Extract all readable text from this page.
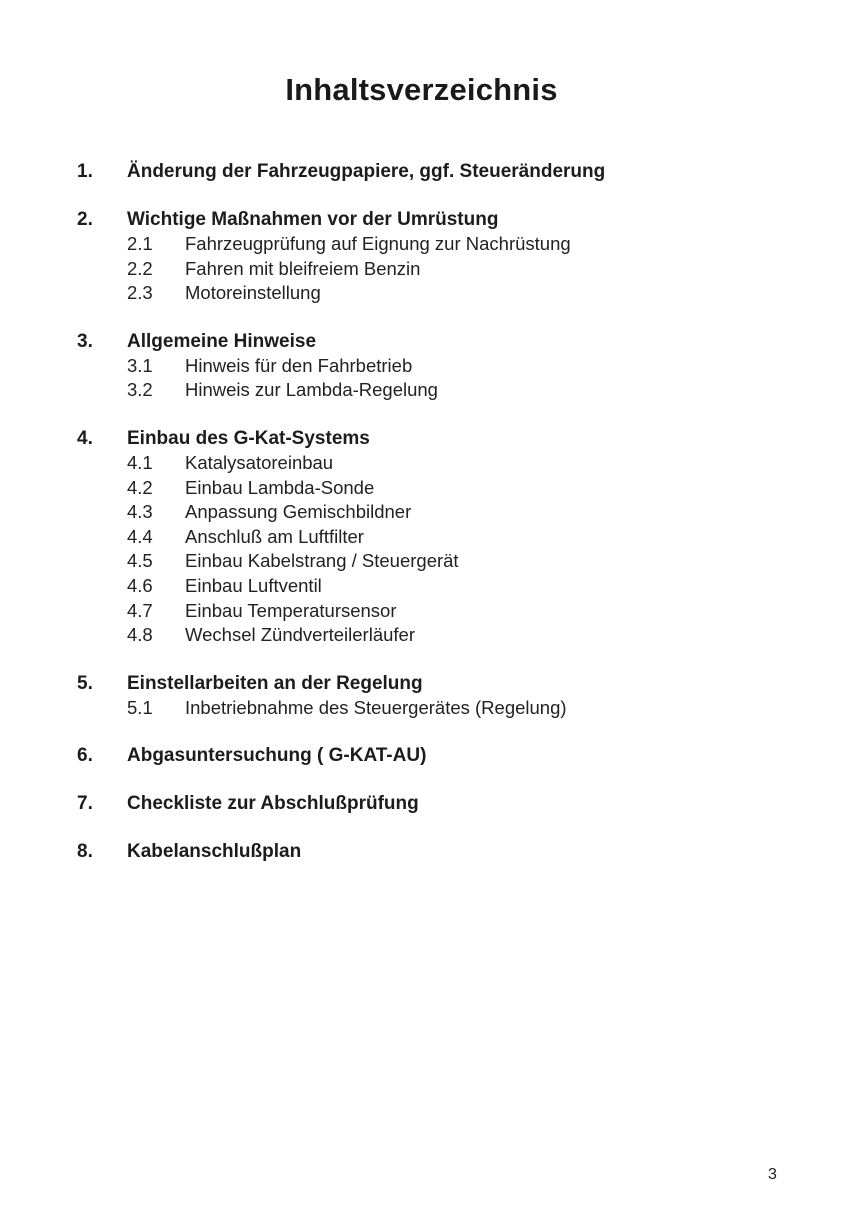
Inhaltsverzeichnis
1. Änderung der Fahrzeugpapiere, ggf. Steueränderung
2. Wichtige Maßnahmen vor der Umrüstung
2.1 Fahrzeugprüfung auf Eignung zur Nachrüstung
2.2 Fahren mit bleifreiem Benzin
2.3 Motoreinstellung
3. Allgemeine Hinweise
3.1 Hinweis für den Fahrbetrieb
3.2 Hinweis zur Lambda-Regelung
4. Einbau des G-Kat-Systems
4.1 Katalysatoreinbau
4.2 Einbau Lambda-Sonde
4.3 Anpassung Gemischbildner
4.4 Anschluß am Luftfilter
4.5 Einbau Kabelstrang / Steuergerät
4.6 Einbau Luftventil
4.7 Einbau Temperatursensor
4.8 Wechsel Zündverteilerläufer
5. Einstellarbeiten an der Regelung
5.1 Inbetriebnahme des Steuergerätes (Regelung)
6. Abgasuntersuchung ( G-KAT-AU)
7. Checkliste zur Abschlußprüfung
8. Kabelanschlußplan
3
